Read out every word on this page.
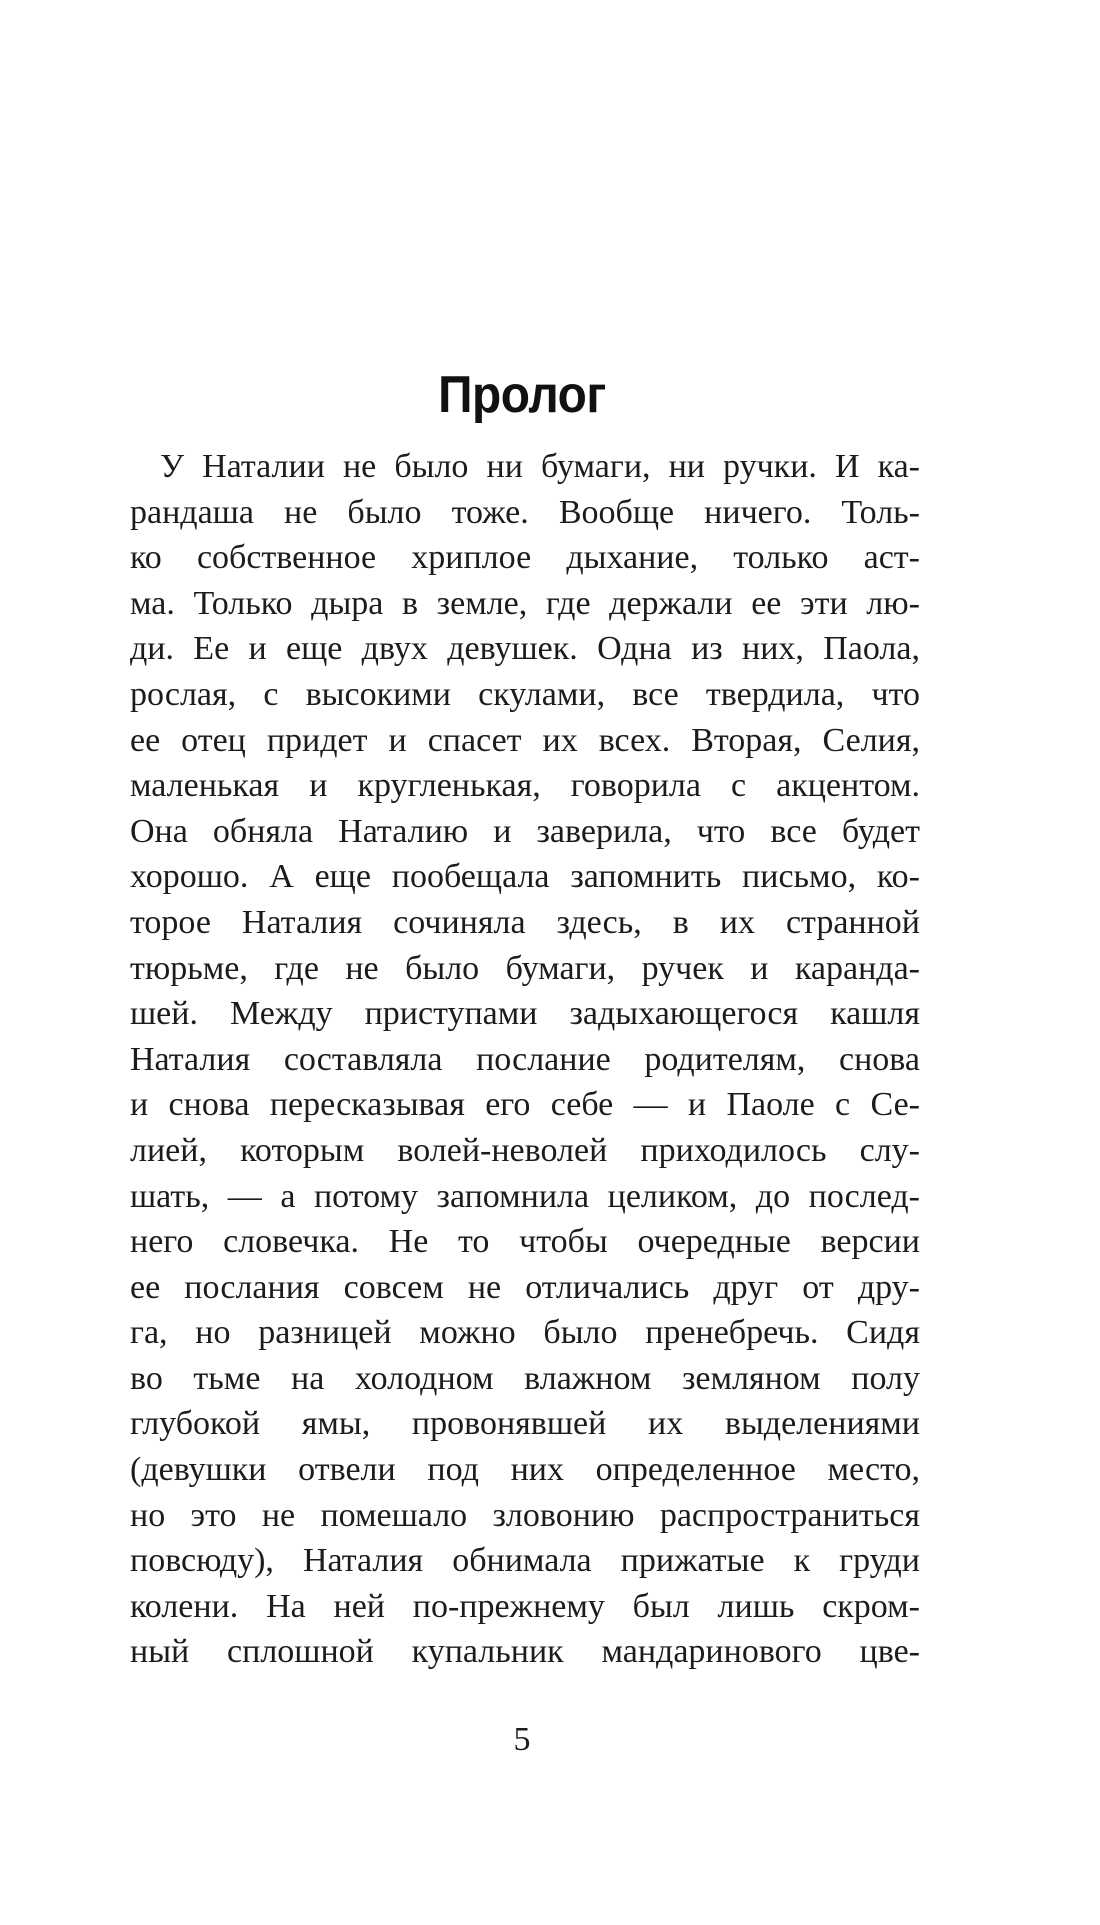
Пролог
У Наталии не было ни бумаги, ни ручки. И ка-
рандаша не было тоже. Вообще ничего. Толь-
ко собственное хриплое дыхание, только аст-
ма. Только дыра в земле, где держали ее эти лю-
ди. Ее и еще двух девушек. Одна из них, Паола,
рослая, с высокими скулами, все твердила, что
ее отец придет и спасет их всех. Вторая, Селия,
маленькая и кругленькая, говорила с акцентом.
Она обняла Наталию и заверила, что все будет
хорошо. А еще пообещала запомнить письмо, ко-
торое Наталия сочиняла здесь, в их странной
тюрьме, где не было бумаги, ручек и каранда-
шей. Между приступами задыхающегося кашля
Наталия составляла послание родителям, снова
и снова пересказывая его себе — и Паоле с Се-
лией, которым волей-неволей приходилось слу-
шать, — а потому запомнила целиком, до послед-
него словечка. Не то чтобы очередные версии
ее послания совсем не отличались друг от дру-
га, но разницей можно было пренебречь. Сидя
во тьме на холодном влажном земляном полу
глубокой ямы, провонявшей их выделениями
(девушки отвели под них определенное место,
но это не помешало зловонию распространиться
повсюду), Наталия обнимала прижатые к груди
колени. На ней по-прежнему был лишь скром-
ный сплошной купальник мандаринового цве-
5
